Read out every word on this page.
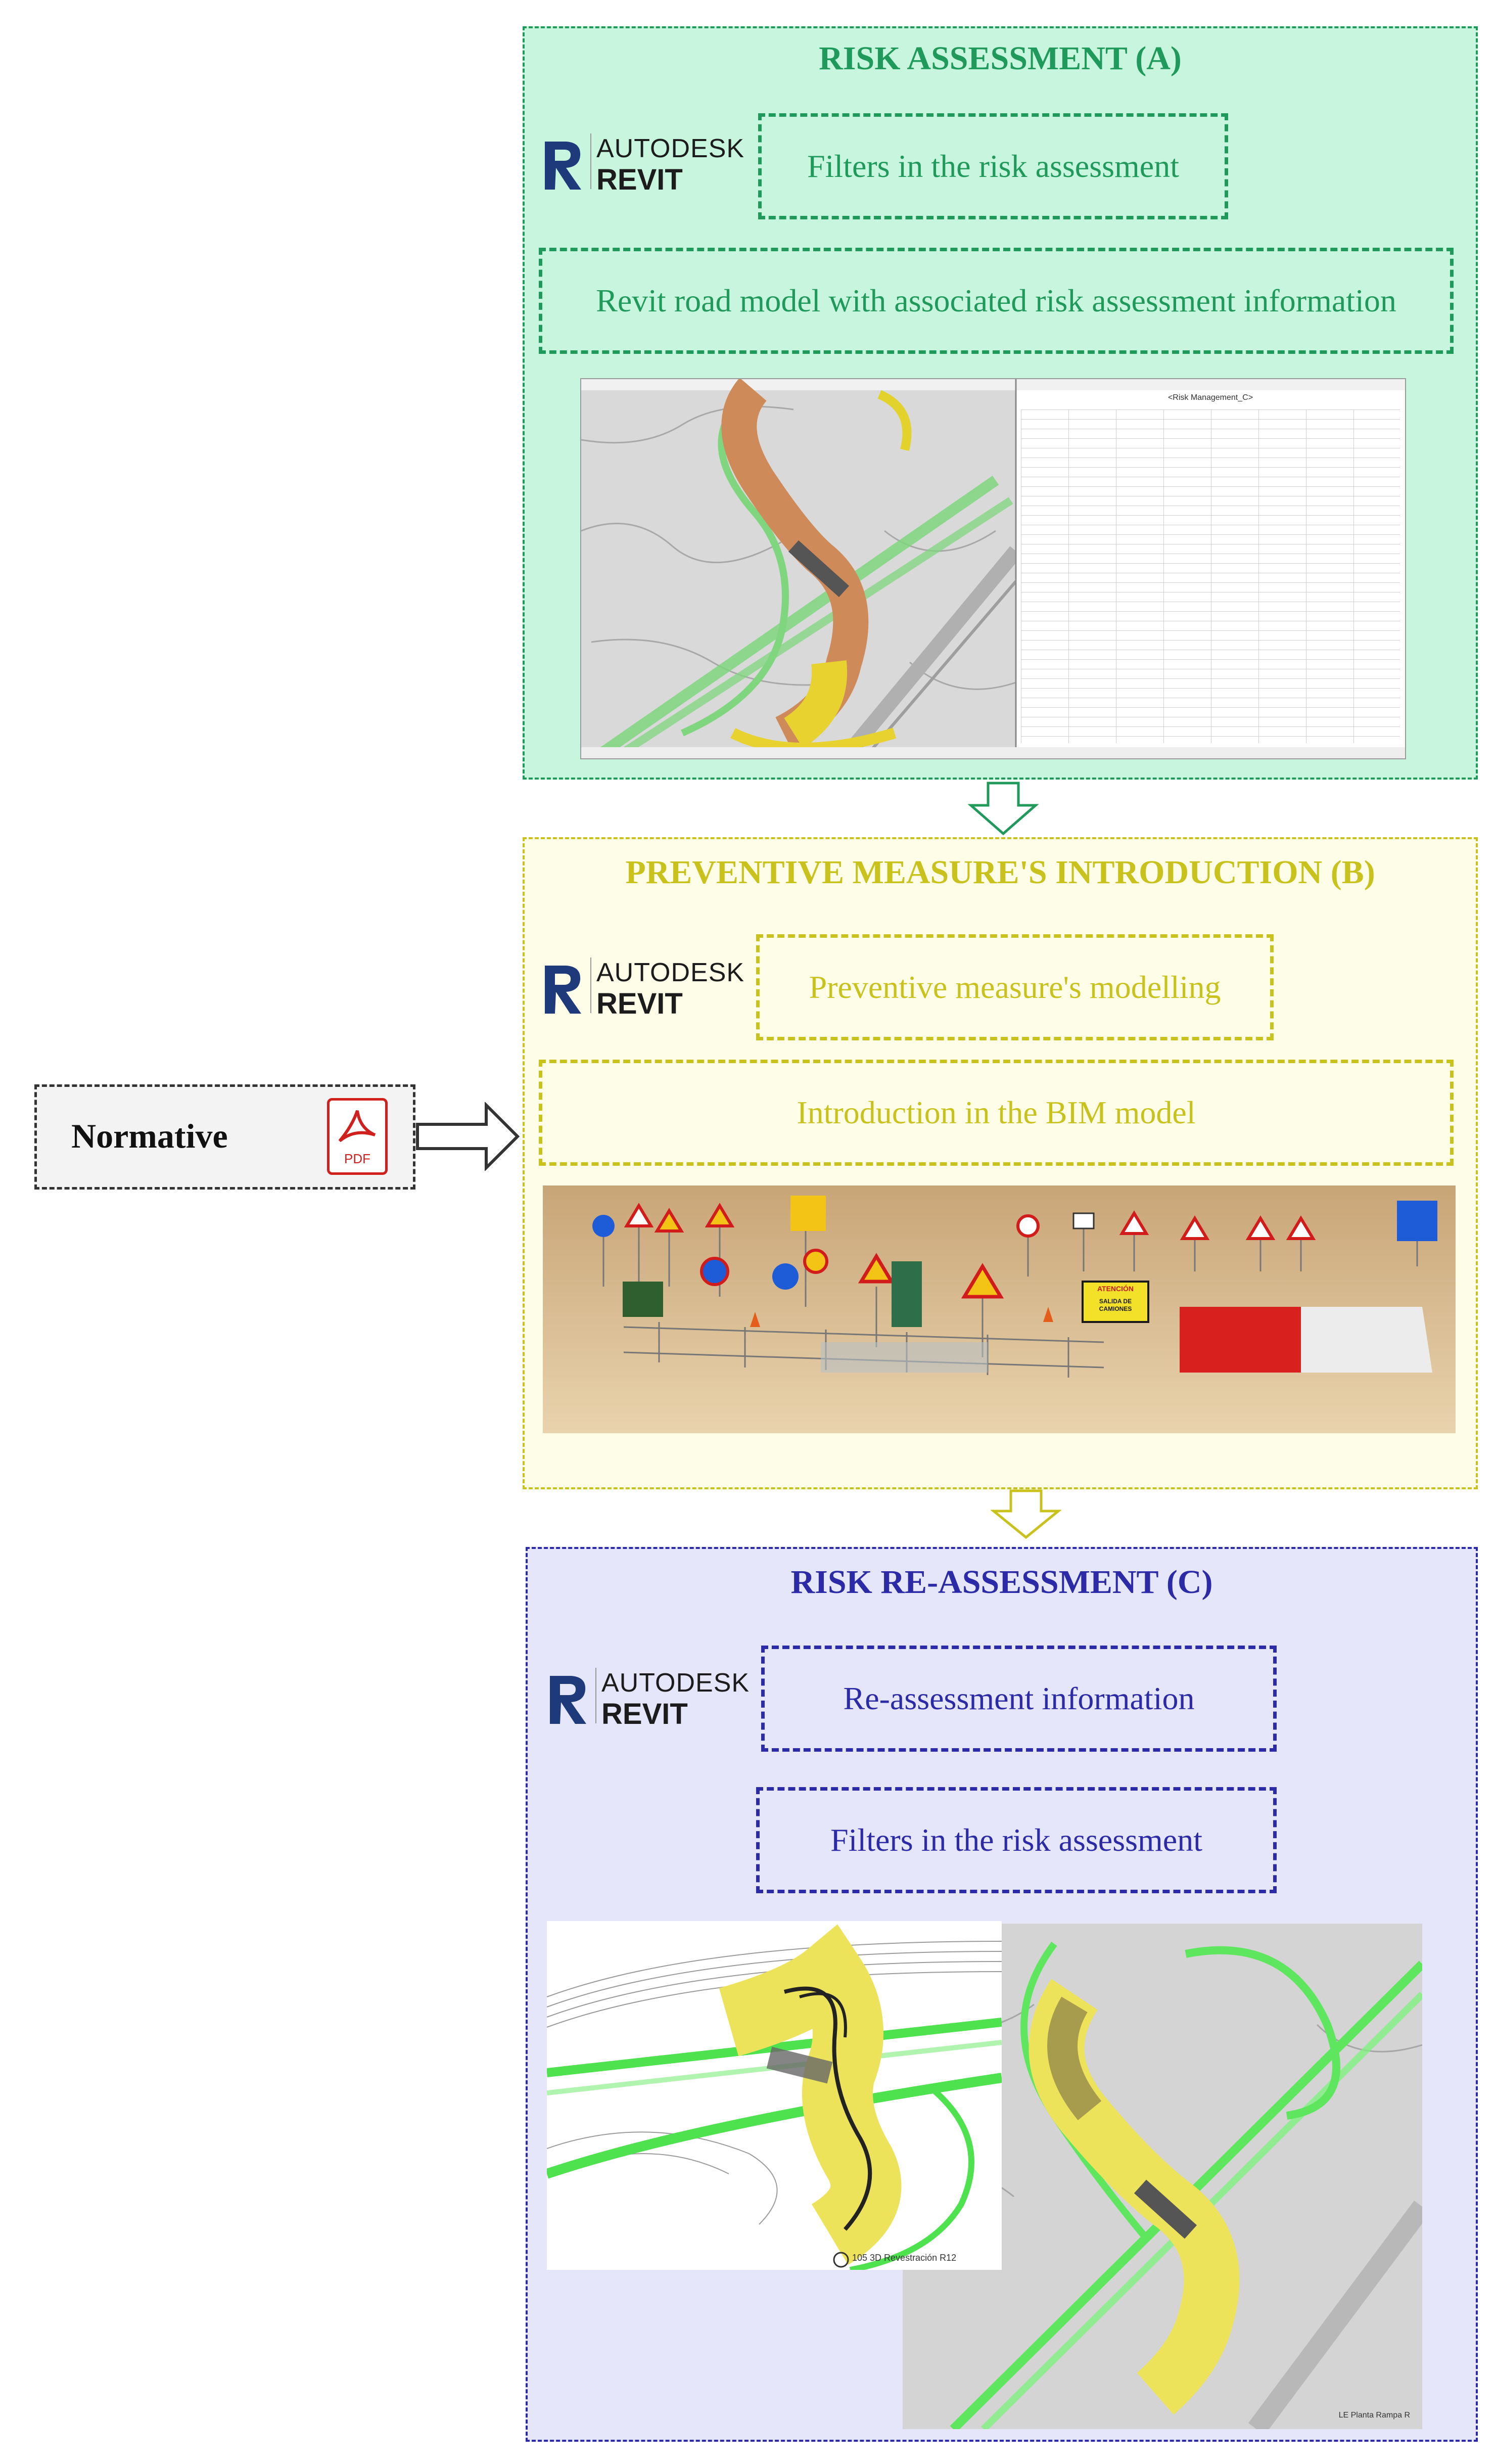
RISK ASSESSMENT (A)
AUTODESK
REVIT	Filters in the risk assessment
Revit road model with associated risk assessment information
<Risk Management_C>
PREVENTIVE MEASURE'S INTRODUCTION (B)
AUTODESK
REVIT	Preventive measure's modelling
Introduction in the BIM model
ATENCIÓN
SALIDA DE CAMIONES
Normative
PDF
RISK RE-ASSESSMENT (C)
AUTODESK
REVIT	Re-assessment information
Filters in the risk assessment
LE Planta Rampa R
105 3D Revestración R12
